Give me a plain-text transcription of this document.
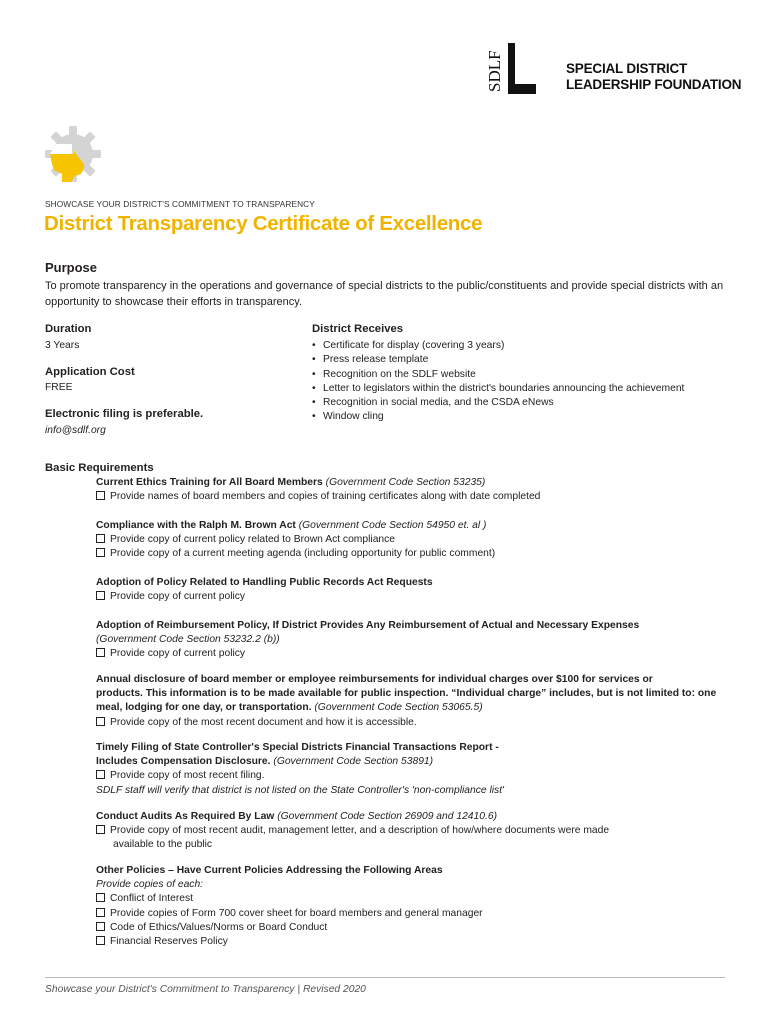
SDLF	SPECIAL DISTRICT
LEADERSHIP FOUNDATION
SHOWCASE YOUR DISTRICT'S COMMITMENT TO TRANSPARENCY
District Transparency Certificate of Excellence
Purpose
To promote transparency in the operations and governance of special districts to the public/constituents and provide special districts with an opportunity to showcase their efforts in transparency.
Duration
3 Years
Application Cost
FREE
Electronic filing is preferable.
info@sdlf.org
District Receives
• Certificate for display (covering 3 years)
• Press release template
• Recognition on the SDLF website
• Letter to legislators within the district's boundaries announcing the achievement
• Recognition in social media, and the CSDA eNews
• Window cling
Basic Requirements
Current Ethics Training for All Board Members (Government Code Section 53235)
Provide names of board members and copies of training certificates along with date completed
Compliance with the Ralph M. Brown Act (Government Code Section 54950 et. al )
Provide copy of current policy related to Brown Act compliance
Provide copy of a current meeting agenda (including opportunity for public comment)
Adoption of Policy Related to Handling Public Records Act Requests
Provide copy of current policy
Adoption of Reimbursement Policy, If District Provides Any Reimbursement of Actual and Necessary Expenses
(Government Code Section 53232.2 (b))
Provide copy of current policy
Annual disclosure of board member or employee reimbursements for individual charges over $100 for services or
products. This information is to be made available for public inspection. “Individual charge” includes, but is not limited to: one
meal, lodging for one day, or transportation. (Government Code Section 53065.5)
Provide copy of the most recent document and how it is accessible.
Timely Filing of State Controller's Special Districts Financial Transactions Report -
Includes Compensation Disclosure. (Government Code Section 53891)
Provide copy of most recent filing.
SDLF staff will verify that district is not listed on the State Controller's 'non-compliance list'
Conduct Audits As Required By Law (Government Code Section 26909 and 12410.6)
Provide copy of most recent audit, management letter, and a description of how/where documents were made
available to the public
Other Policies – Have Current Policies Addressing the Following Areas
Provide copies of each:
Conflict of Interest
Provide copies of Form 700 cover sheet for board members and general manager
Code of Ethics/Values/Norms or Board Conduct
Financial Reserves Policy
Showcase your District's Commitment to Transparency | Revised 2020
